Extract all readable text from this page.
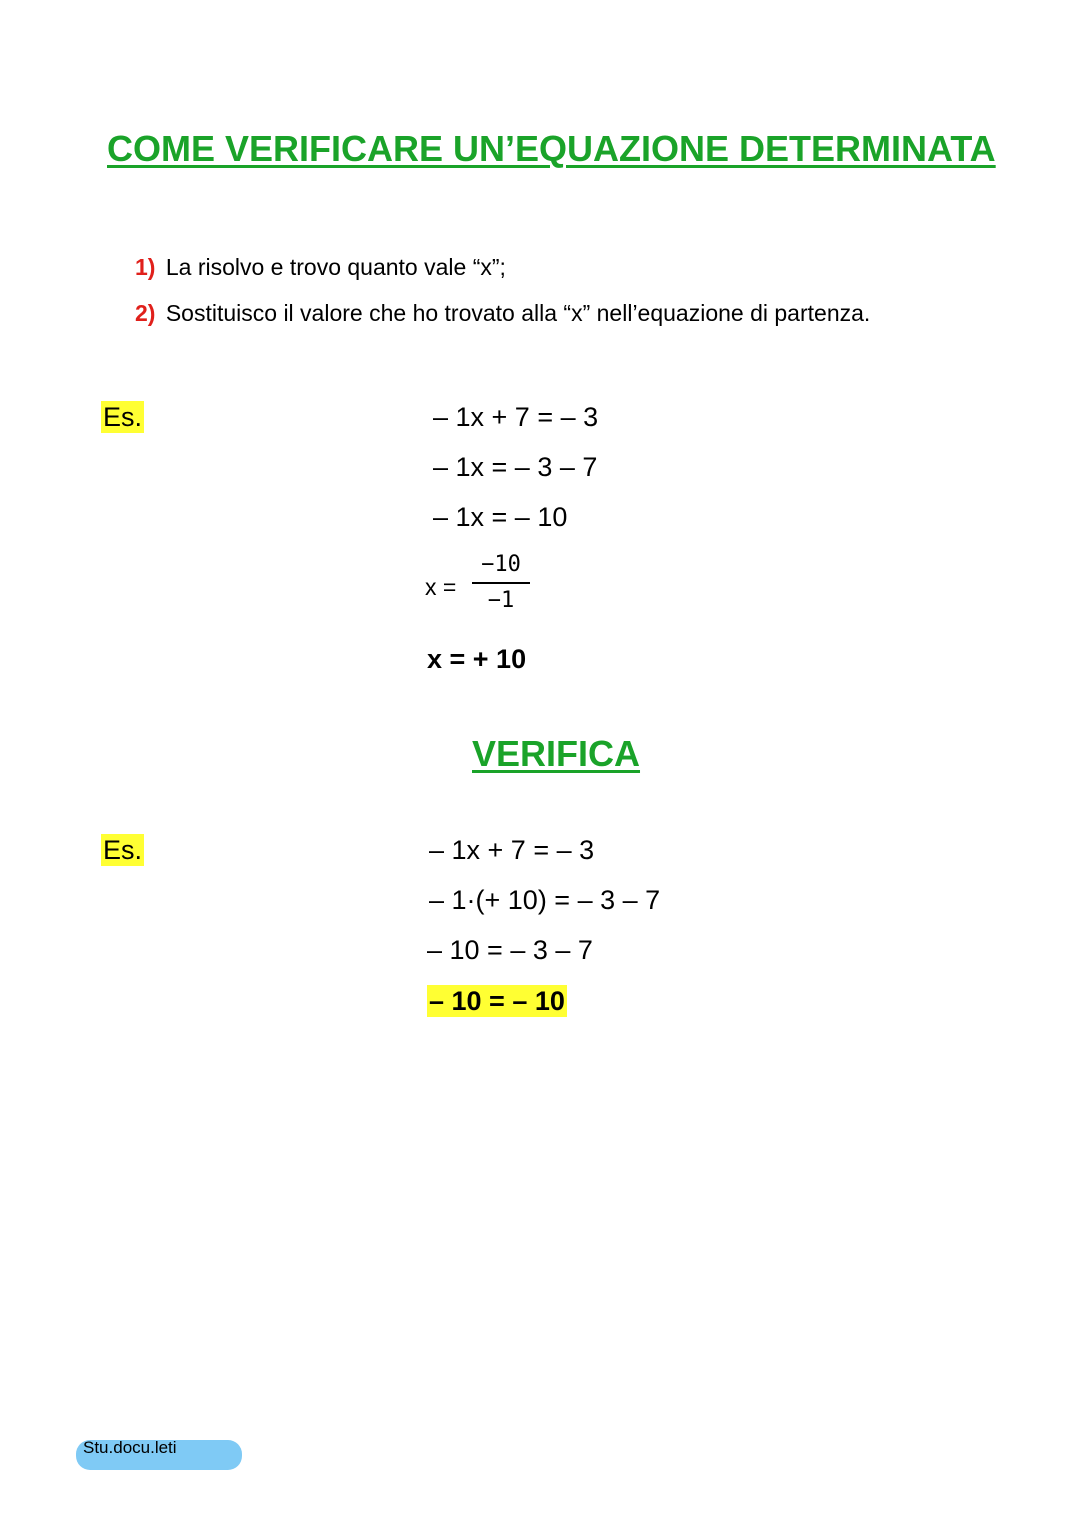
COME VERIFICARE UN’EQUAZIONE DETERMINATA
1) La risolvo e trovo quanto vale “x”;
2) Sostituisco il valore che ho trovato alla “x” nell’equazione di partenza.
Es.	– 1x + 7 = – 3
– 1x = – 3 – 7
– 1x = – 10
x =
−10
−1
x = + 10
VERIFICA
Es.	– 1x + 7 = – 3
– 1·(+ 10) = – 3 – 7
– 10 = – 3 – 7
– 10 = – 10
Stu.docu.leti
